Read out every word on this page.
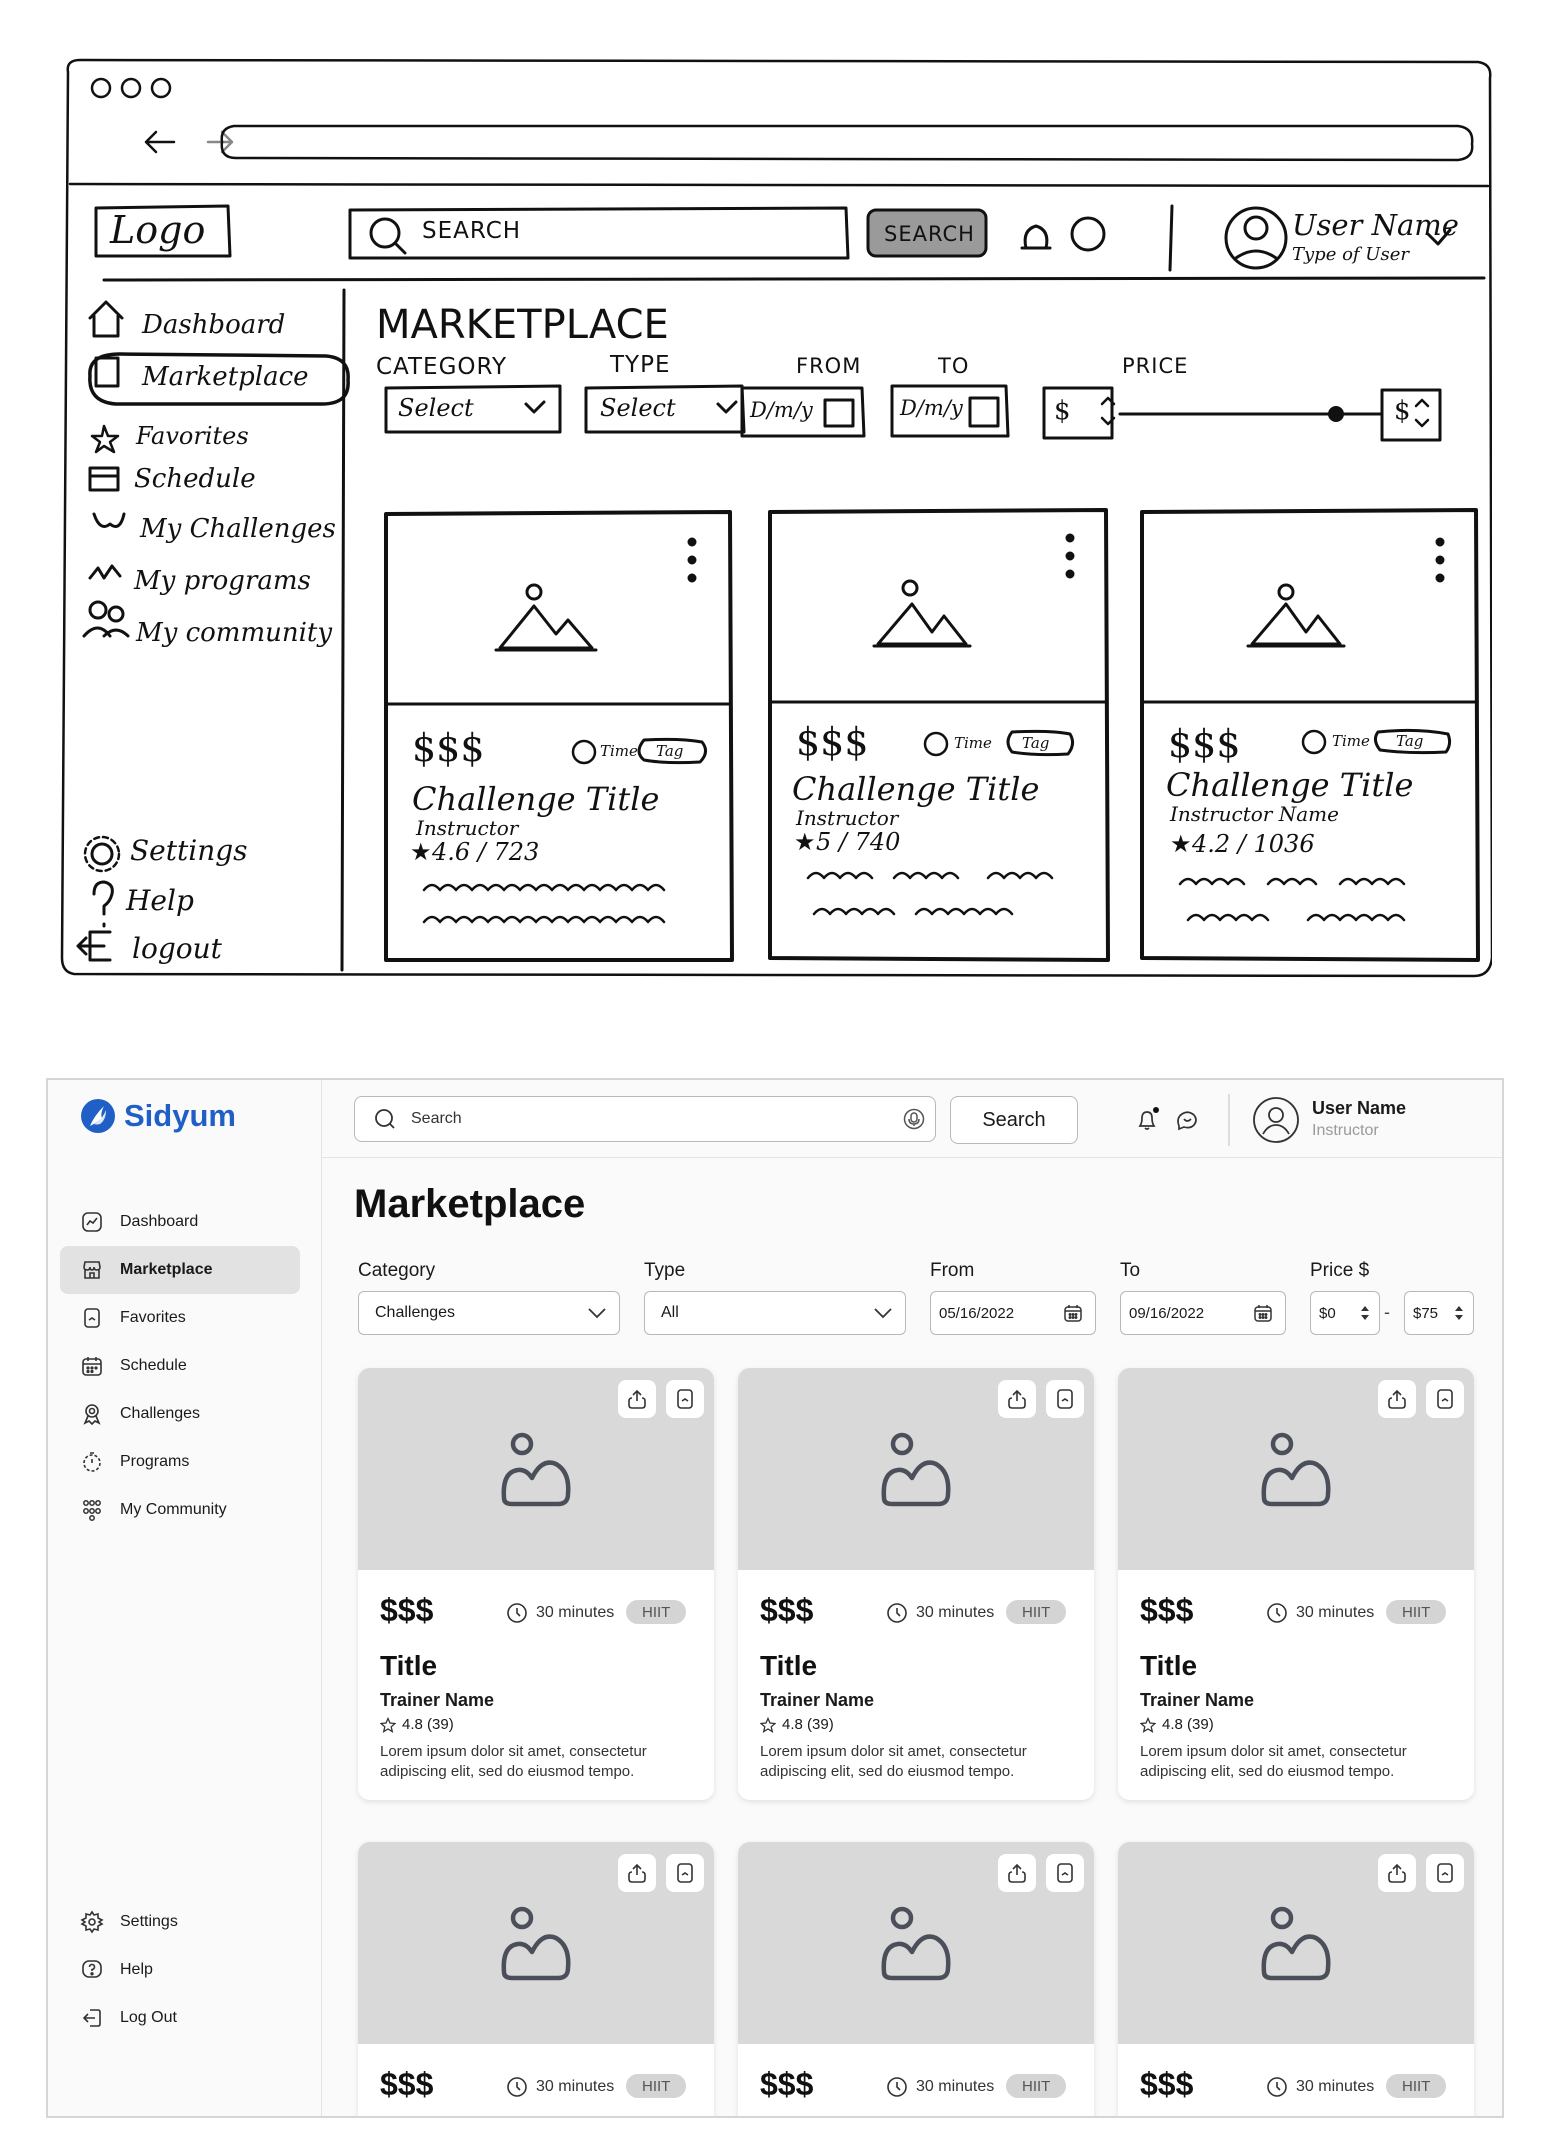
Logo	SEARCH	SEARCH	User Name
Type of User
MARKETPLACE
CATEGORY	TYPE	FROM	TO	PRICE
Select	Select	D/m/y	D/m/y	$	$
Dashboard
Marketplace
Favorites
Schedule
My Challenges
My programs
My community
Settings
Help
logout
$$$	Time Tag
Challenge Title
Instructor
4.6 / 723
★
$$$	Time Tag
Challenge Title
Instructor
5 / 740
★
$$$	Time Tag
Challenge Title
Instructor Name
4.2 / 1036
★
Sidyum
Dashboard
Marketplace
Favorites
Schedule
Challenges
Programs
My Community
Settings
Help
Log Out
Search
Search
User Name
Instructor
Marketplace
Category
Challenges
Type
All
From
05/16/2022
To
09/16/2022
Price $
$0	- $75
$$$	30 minutes	HIIT
Title
Trainer Name
4.8 (39)

Lorem ipsum dolor sit amet, consectetur adipiscing elit, sed do eiusmod tempo.

$$$	30 minutes	HIIT
Title
Trainer Name
4.8 (39)

Lorem ipsum dolor sit amet, consectetur adipiscing elit, sed do eiusmod tempo.

$$$	30 minutes	HIIT
Title
Trainer Name
4.8 (39)

Lorem ipsum dolor sit amet, consectetur adipiscing elit, sed do eiusmod tempo.

$$$	30 minutes	HIIT	$$$	30 minutes	HIIT	$$$	30 minutes	HIIT
